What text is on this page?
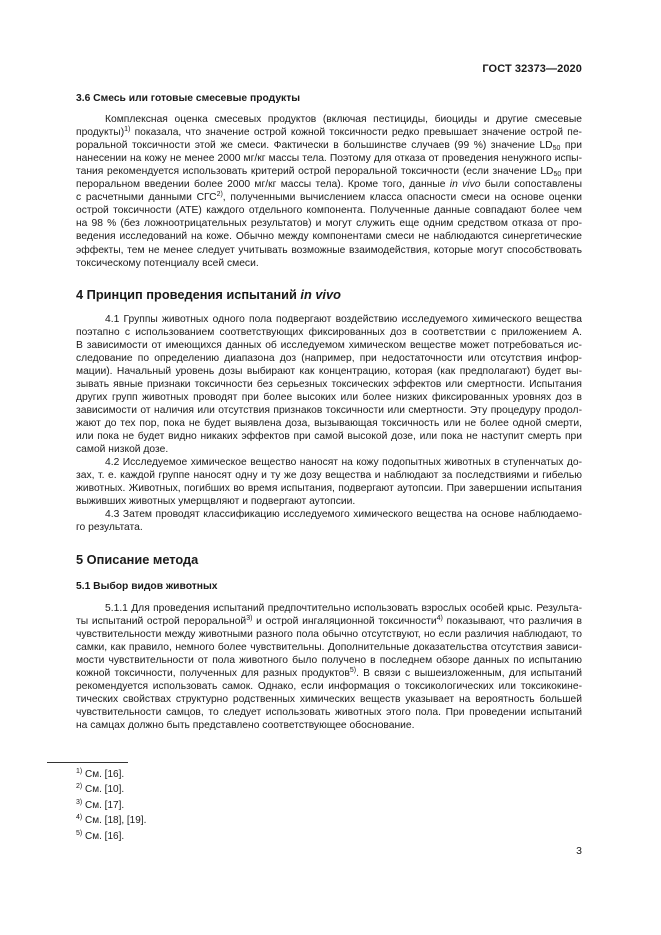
ГОСТ 32373—2020
3.6 Смесь или готовые смесевые продукты
Комплексная оценка смесевых продуктов (включая пестициды, биоциды и другие смесевые
продукты)$^{1)}$ показала, что значение острой кожной токсичности редко превышает значение острой пе-
роральной токсичности этой же смеси. Фактически в большинстве случаев (99 %) значение $LD_{50}$ при
нанесении на кожу не менее 2000 мг/кг массы тела. Поэтому для отказа от проведения ненужного испы-
тания рекомендуется использовать критерий острой пероральной токсичности (если значение $LD_{50}$ при
пероральном введении более 2000 мг/кг массы тела). Кроме того, данные in vivo были сопоставлены
с расчетными данными СГС$^{2)}$, полученными вычислением класса опасности смеси на основе оценки
острой токсичности (АТЕ) каждого отдельного компонента. Полученные данные совпадают более чем
на 98 % (без ложноотрицательных результатов) и могут служить еще одним средством отказа от про-
ведения исследований на коже. Обычно между компонентами смеси не наблюдаются синергетические
эффекты, тем не менее следует учитывать возможные взаимодействия, которые могут способствовать
токсическому потенциалу всей смеси.
4 Принцип проведения испытаний in vivo
4.1 Группы животных одного пола подвергают воздействию исследуемого химического вещества
поэтапно с использованием соответствующих фиксированных доз в соответствии с приложением А.
В зависимости от имеющихся данных об исследуемом химическом веществе может потребоваться ис-
следование по определению диапазона доз (например, при недостаточности или отсутствия инфор-
мации). Начальный уровень дозы выбирают как концентрацию, которая (как предполагают) будет вы-
зывать явные признаки токсичности без серьезных токсических эффектов или смертности. Испытания
других групп животных проводят при более высоких или более низких фиксированных уровнях доз в
зависимости от наличия или отсутствия признаков токсичности или смертности. Эту процедуру продол-
жают до тех пор, пока не будет выявлена доза, вызывающая токсичность или не более одной смерти,
или пока не будет видно никаких эффектов при самой высокой дозе, или пока не наступит смерть при
самой низкой дозе.
4.2 Исследуемое химическое вещество наносят на кожу подопытных животных в ступенчатых до-
зах, т. е. каждой группе наносят одну и ту же дозу вещества и наблюдают за последствиями и гибелью
животных. Животных, погибших во время испытания, подвергают аутопсии. При завершении испытания
выживших животных умерщвляют и подвергают аутопсии.
4.3 Затем проводят классификацию исследуемого химического вещества на основе наблюдаемо-
го результата.
5 Описание метода
5.1 Выбор видов животных
5.1.1 Для проведения испытаний предпочтительно использовать взрослых особей крыс. Результа-
ты испытаний острой пероральной$^{3)}$ и острой ингаляционной токсичности$^{4)}$ показывают, что различия в
чувствительности между животными разного пола обычно отсутствуют, но если различия наблюдают, то
самки, как правило, немного более чувствительны. Дополнительные доказательства отсутствия зависи-
мости чувствительности от пола животного было получено в последнем обзоре данных по испытанию
кожной токсичности, полученных для разных продуктов$^{5)}$. В связи с вышеизложенным, для испытаний
рекомендуется использовать самок. Однако, если информация о токсикологических или токсикокине-
тических свойствах структурно родственных химических веществ указывает на вероятность большей
чувствительности самцов, то следует использовать животных этого пола. При проведении испытаний
на самцах должно быть представлено соответствующее обоснование.
$^{1)}$ См. [16].
$^{2)}$ См. [10].
$^{3)}$ См. [17].
$^{4)}$ См. [18], [19].
$^{5)}$ См. [16].
3
